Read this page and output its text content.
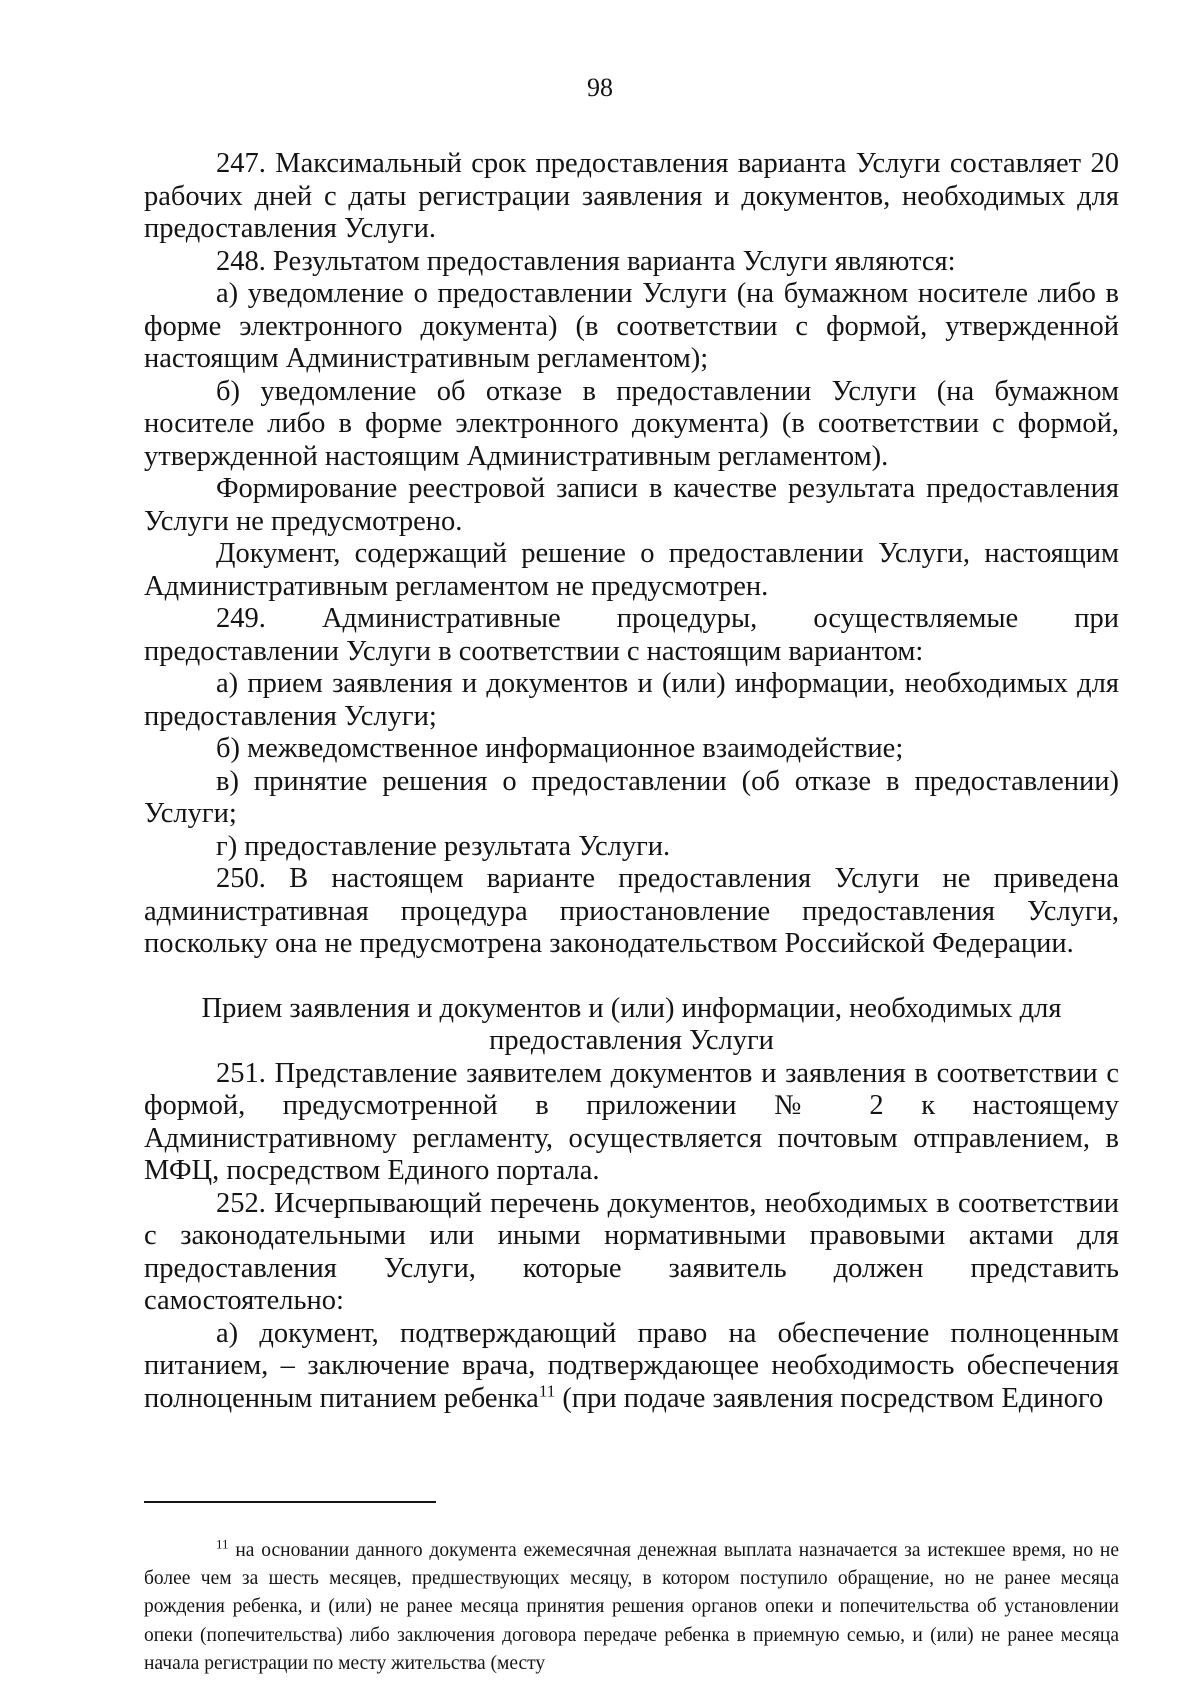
98

247. Максимальный срок предоставления варианта Услуги составляет 20 рабочих дней с даты регистрации заявления и документов, необходимых для предоставления Услуги.

248. Результатом предоставления варианта Услуги являются:

а) уведомление о предоставлении Услуги (на бумажном носителе либо в форме электронного документа) (в соответствии с формой, утвержденной настоящим Административным регламентом);

б) уведомление об отказе в предоставлении Услуги (на бумажном носителе либо в форме электронного документа) (в соответствии с формой, утвержденной настоящим Административным регламентом).

Формирование реестровой записи в качестве результата предоставления Услуги не предусмотрено.

Документ, содержащий решение о предоставлении Услуги, настоящим Административным регламентом не предусмотрен.

249. Административные процедуры, осуществляемые при предоставлении Услуги в соответствии с настоящим вариантом:

а) прием заявления и документов и (или) информации, необходимых для предоставления Услуги;

б) межведомственное информационное взаимодействие;

в) принятие решения о предоставлении (об отказе в предоставлении) Услуги;

г) предоставление результата Услуги.

250. В настоящем варианте предоставления Услуги не приведена административная процедура приостановление предоставления Услуги, поскольку она не предусмотрена законодательством Российской Федерации.

Прием заявления и документов и (или) информации, необходимых для
предоставления Услуги

251. Представление заявителем документов и заявления в соответствии с формой, предусмотренной в приложении № 2 к настоящему Административному регламенту, осуществляется почтовым отправлением, в МФЦ, посредством Единого портала.

252. Исчерпывающий перечень документов, необходимых в соответствии с законодательными или иными нормативными правовыми актами для предоставления Услуги, которые заявитель должен представить самостоятельно:

а) документ, подтверждающий право на обеспечение полноценным питанием, – заключение врача, подтверждающее необходимость обеспечения полноценным питанием ребенка$^{11}$ (при подаче заявления посредством Единого

$^{11}$ на основании данного документа ежемесячная денежная выплата назначается за истекшее время, но не более чем за шесть месяцев, предшествующих месяцу, в котором поступило обращение, но не ранее месяца рождения ребенка, и (или) не ранее месяца принятия решения органов опеки и попечительства об установлении опеки (попечительства) либо заключения договора передаче ребенка в приемную семью, и (или) не ранее месяца начала регистрации по месту жительства (месту
